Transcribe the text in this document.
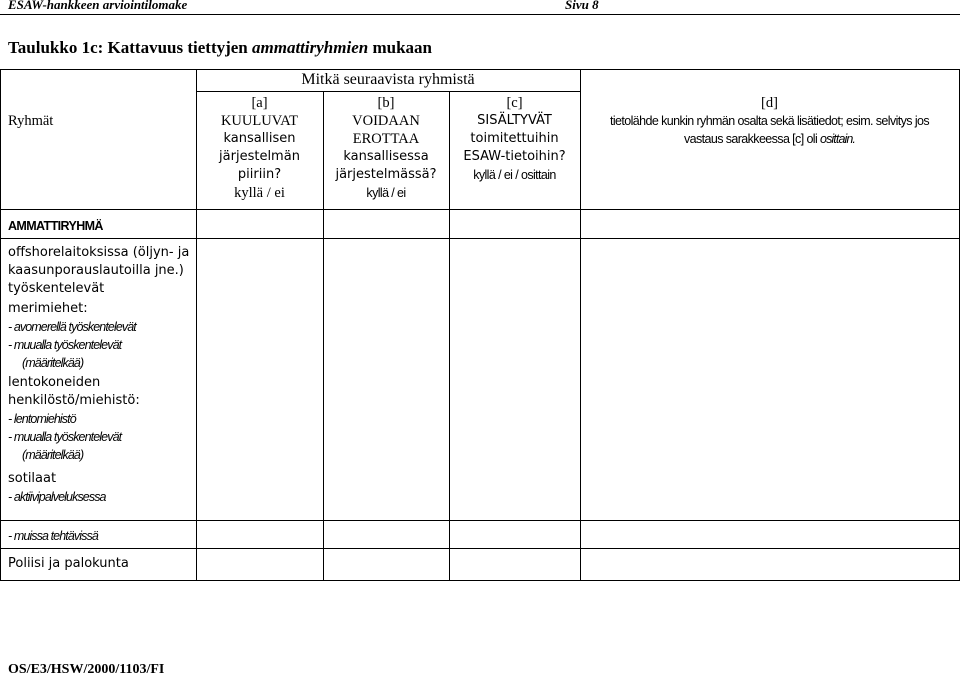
ESAW-hankkeen arviointilomake	Sivu 8
Taulukko 1c: Kattavuus tiettyjen ammattiryhmien mukaan
Ryhmät
Mitkä seuraavista ryhmistä
[a]
KUULUVAT
kansallisen
järjestelmän
piiriin?
kyllä / ei
[b]
VOIDAAN
EROTTAA
kansallisessa
järjestelmässä?
kyllä / ei
[c]
SISÄLTYVÄT
toimitettuihin
ESAW-tietoihin?
kyllä / ei / osittain
[d]
tietolähde kunkin ryhmän osalta sekä lisätiedot; esim. selvitys jos
vastaus sarakkeessa [c] oli osittain.
AMMATTIRYHMÄ
offshorelaitoksissa (öljyn- ja
kaasunporauslautoilla jne.)
työskentelevät
merimiehet:
- avomerellä työskentelevät
- muualla työskentelevät
(määritelkää)
lentokoneiden
henkilöstö/miehistö:
- lentomiehistö
- muualla työskentelevät
(määritelkää)
sotilaat
- aktiivipalveluksessa
- muissa tehtävissä
Poliisi ja palokunta
OS/E3/HSW/2000/1103/FI
